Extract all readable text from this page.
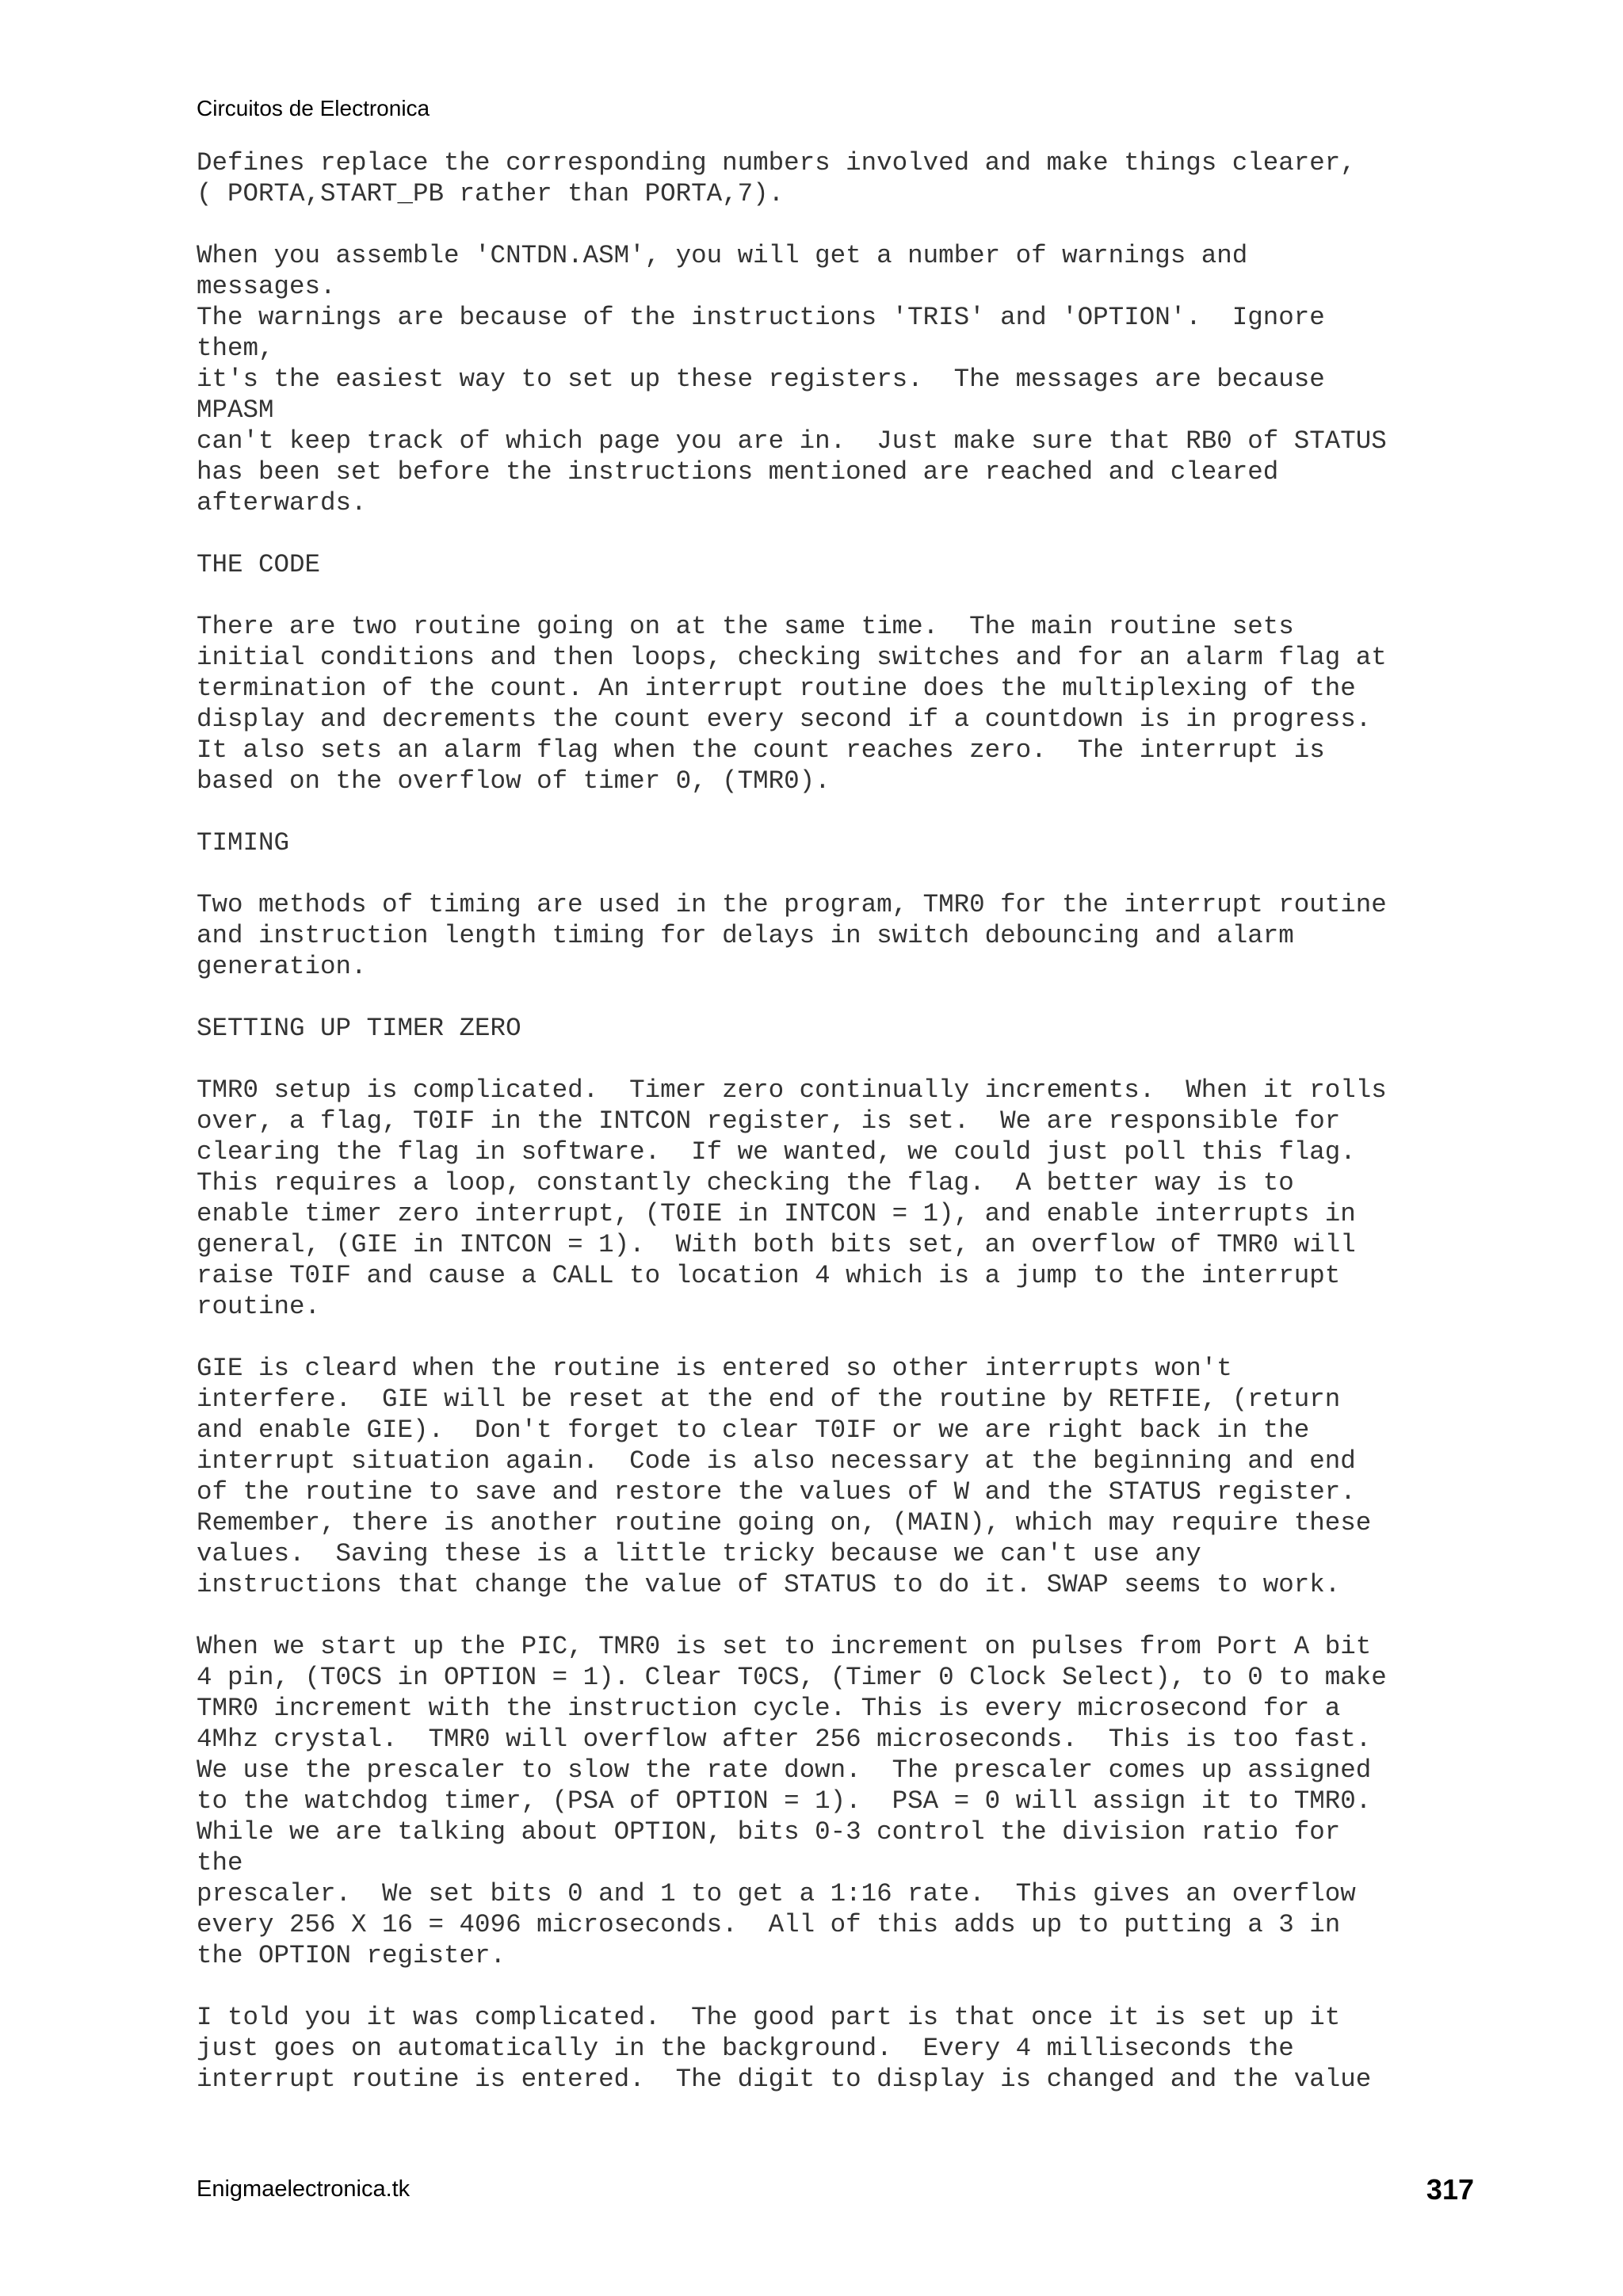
Circuitos de Electronica
Defines replace the corresponding numbers involved and make things clearer,
( PORTA,START_PB rather than PORTA,7).

When you assemble 'CNTDN.ASM', you will get a number of warnings and
messages.
The warnings are because of the instructions 'TRIS' and 'OPTION'.  Ignore
them,
it's the easiest way to set up these registers.  The messages are because
MPASM
can't keep track of which page you are in.  Just make sure that RB0 of STATUS
has been set before the instructions mentioned are reached and cleared
afterwards.

THE CODE

There are two routine going on at the same time.  The main routine sets
initial conditions and then loops, checking switches and for an alarm flag at
termination of the count. An interrupt routine does the multiplexing of the
display and decrements the count every second if a countdown is in progress.
It also sets an alarm flag when the count reaches zero.  The interrupt is
based on the overflow of timer 0, (TMR0).

TIMING

Two methods of timing are used in the program, TMR0 for the interrupt routine
and instruction length timing for delays in switch debouncing and alarm
generation.

SETTING UP TIMER ZERO

TMR0 setup is complicated.  Timer zero continually increments.  When it rolls
over, a flag, T0IF in the INTCON register, is set.  We are responsible for
clearing the flag in software.  If we wanted, we could just poll this flag.
This requires a loop, constantly checking the flag.  A better way is to
enable timer zero interrupt, (T0IE in INTCON = 1), and enable interrupts in
general, (GIE in INTCON = 1).  With both bits set, an overflow of TMR0 will
raise T0IF and cause a CALL to location 4 which is a jump to the interrupt
routine.

GIE is cleard when the routine is entered so other interrupts won't
interfere.  GIE will be reset at the end of the routine by RETFIE, (return
and enable GIE).  Don't forget to clear T0IF or we are right back in the
interrupt situation again.  Code is also necessary at the beginning and end
of the routine to save and restore the values of W and the STATUS register.
Remember, there is another routine going on, (MAIN), which may require these
values.  Saving these is a little tricky because we can't use any
instructions that change the value of STATUS to do it. SWAP seems to work.

When we start up the PIC, TMR0 is set to increment on pulses from Port A bit
4 pin, (T0CS in OPTION = 1). Clear T0CS, (Timer 0 Clock Select), to 0 to make
TMR0 increment with the instruction cycle. This is every microsecond for a
4Mhz crystal.  TMR0 will overflow after 256 microseconds.  This is too fast.
We use the prescaler to slow the rate down.  The prescaler comes up assigned
to the watchdog timer, (PSA of OPTION = 1).  PSA = 0 will assign it to TMR0.
While we are talking about OPTION, bits 0-3 control the division ratio for
the
prescaler.  We set bits 0 and 1 to get a 1:16 rate.  This gives an overflow
every 256 X 16 = 4096 microseconds.  All of this adds up to putting a 3 in
the OPTION register.

I told you it was complicated.  The good part is that once it is set up it
just goes on automatically in the background.  Every 4 milliseconds the
interrupt routine is entered.  The digit to display is changed and the value

Enigmaelectronica.tk	317
